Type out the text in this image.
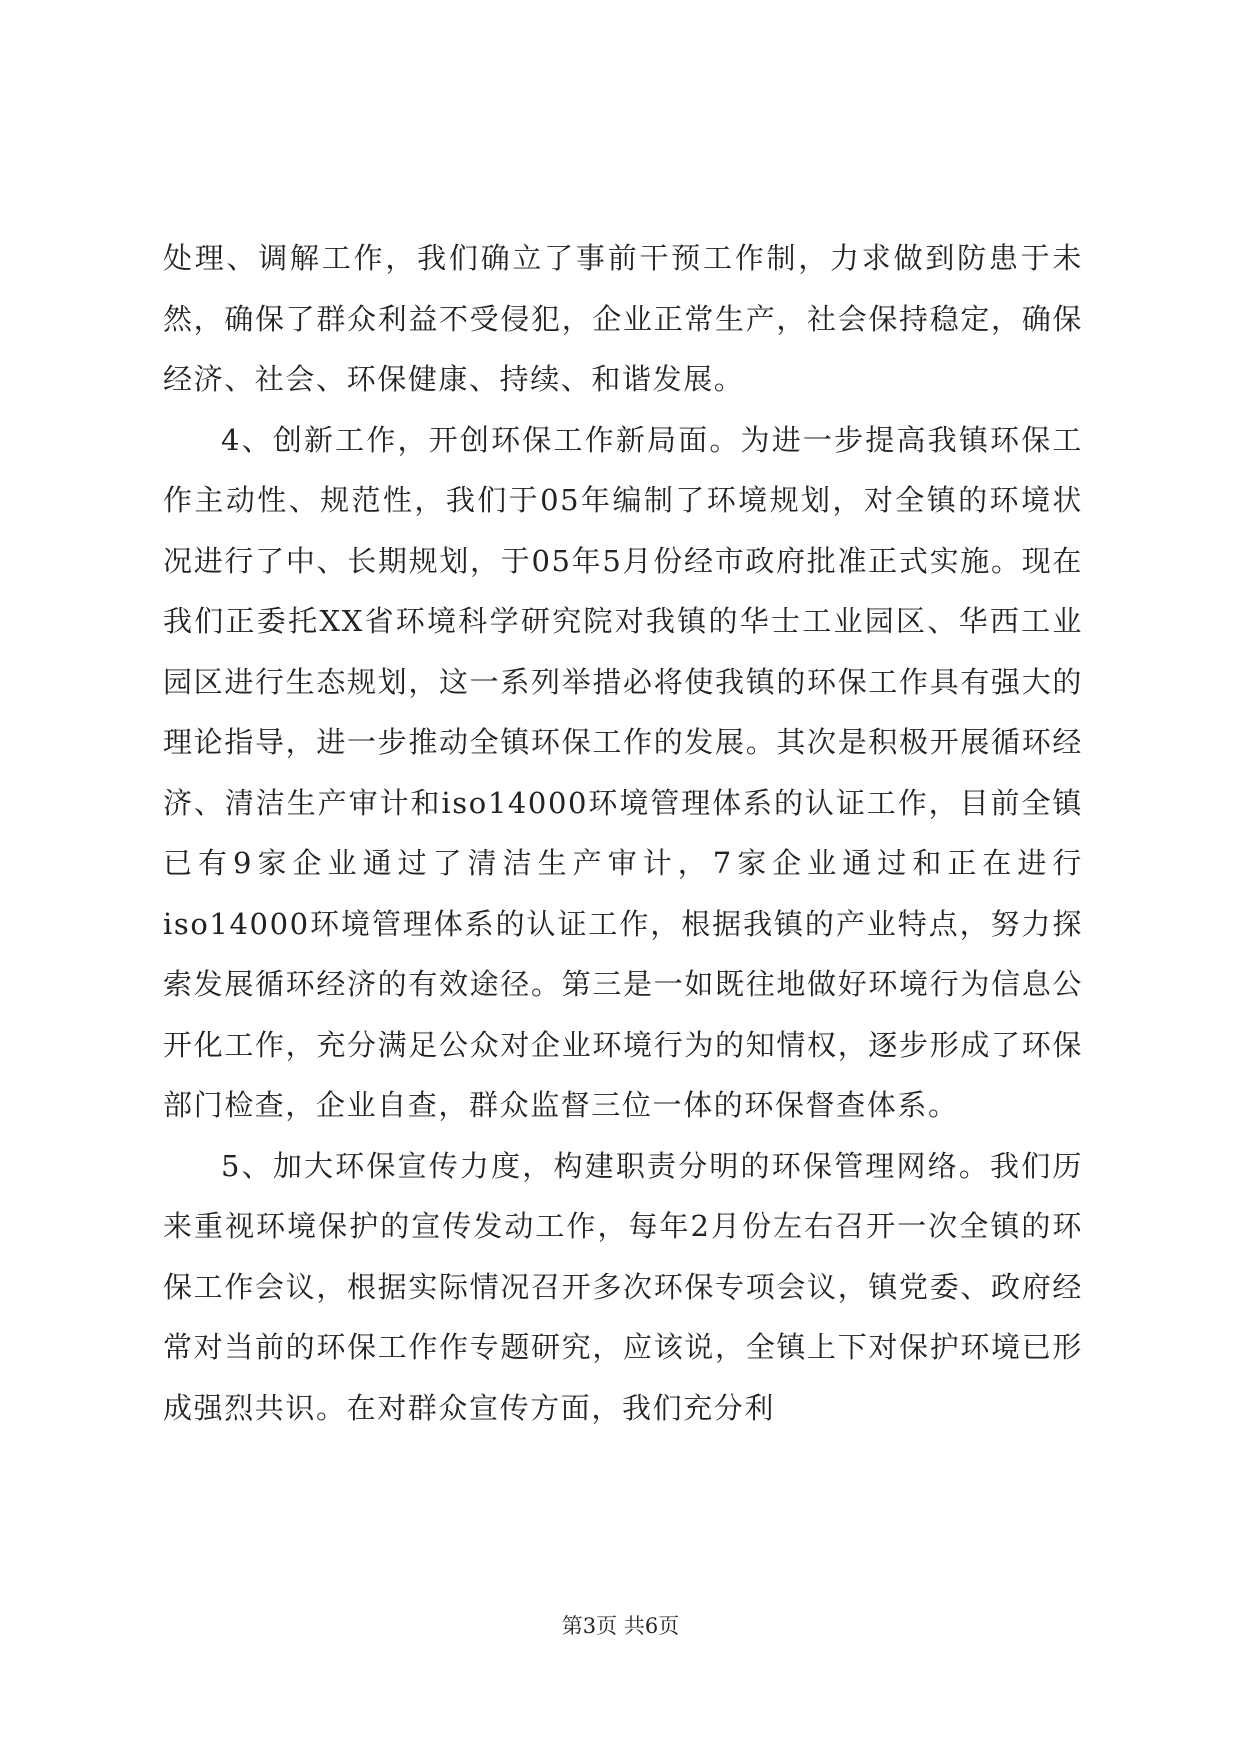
处理、调解工作，我们确立了事前干预工作制，力求做到防患于未然，确保了群众利益不受侵犯，企业正常生产，社会保持稳定，确保经济、社会、环保健康、持续、和谐发展。

4、创新工作，开创环保工作新局面。为进一步提高我镇环保工作主动性、规范性，我们于05年编制了环境规划，对全镇的环境状况进行了中、长期规划，于05年5月份经市政府批准正式实施。现在我们正委托XX省环境科学研究院对我镇的华士工业园区、华西工业园区进行生态规划，这一系列举措必将使我镇的环保工作具有强大的理论指导，进一步推动全镇环保工作的发展。其次是积极开展循环经济、清洁生产审计和iso14000环境管理体系的认证工作，目前全镇已有9家企业通过了清洁生产审计，7家企业通过和正在进行iso14000环境管理体系的认证工作，根据我镇的产业特点，努力探索发展循环经济的有效途径。第三是一如既往地做好环境行为信息公开化工作，充分满足公众对企业环境行为的知情权，逐步形成了环保部门检查，企业自查，群众监督三位一体的环保督查体系。

5、加大环保宣传力度，构建职责分明的环保管理网络。我们历来重视环境保护的宣传发动工作，每年2月份左右召开一次全镇的环保工作会议，根据实际情况召开多次环保专项会议，镇党委、政府经常对当前的环保工作作专题研究，应该说，全镇上下对保护环境已形成强烈共识。在对群众宣传方面，我们充分利

第3页 共6页
